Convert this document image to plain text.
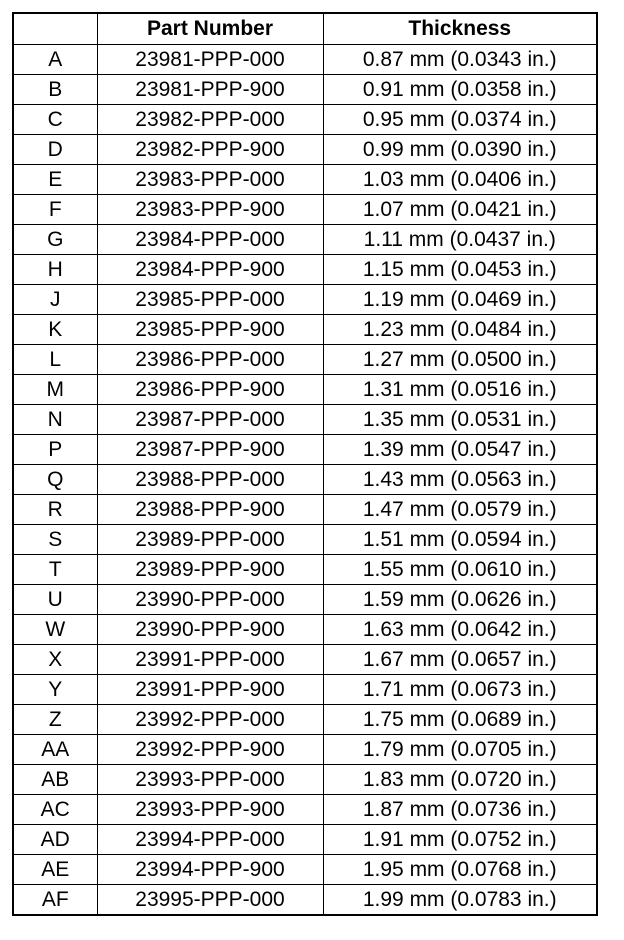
	Part Number	Thickness
A	23981-PPP-000	0.87 mm (0.0343 in.)
B	23981-PPP-900	0.91 mm (0.0358 in.)
C	23982-PPP-000	0.95 mm (0.0374 in.)
D	23982-PPP-900	0.99 mm (0.0390 in.)
E	23983-PPP-000	1.03 mm (0.0406 in.)
F	23983-PPP-900	1.07 mm (0.0421 in.)
G	23984-PPP-000	1.11 mm (0.0437 in.)
H	23984-PPP-900	1.15 mm (0.0453 in.)
J	23985-PPP-000	1.19 mm (0.0469 in.)
K	23985-PPP-900	1.23 mm (0.0484 in.)
L	23986-PPP-000	1.27 mm (0.0500 in.)
M	23986-PPP-900	1.31 mm (0.0516 in.)
N	23987-PPP-000	1.35 mm (0.0531 in.)
P	23987-PPP-900	1.39 mm (0.0547 in.)
Q	23988-PPP-000	1.43 mm (0.0563 in.)
R	23988-PPP-900	1.47 mm (0.0579 in.)
S	23989-PPP-000	1.51 mm (0.0594 in.)
T	23989-PPP-900	1.55 mm (0.0610 in.)
U	23990-PPP-000	1.59 mm (0.0626 in.)
W	23990-PPP-900	1.63 mm (0.0642 in.)
X	23991-PPP-000	1.67 mm (0.0657 in.)
Y	23991-PPP-900	1.71 mm (0.0673 in.)
Z	23992-PPP-000	1.75 mm (0.0689 in.)
AA	23992-PPP-900	1.79 mm (0.0705 in.)
AB	23993-PPP-000	1.83 mm (0.0720 in.)
AC	23993-PPP-900	1.87 mm (0.0736 in.)
AD	23994-PPP-000	1.91 mm (0.0752 in.)
AE	23994-PPP-900	1.95 mm (0.0768 in.)
AF	23995-PPP-000	1.99 mm (0.0783 in.)
